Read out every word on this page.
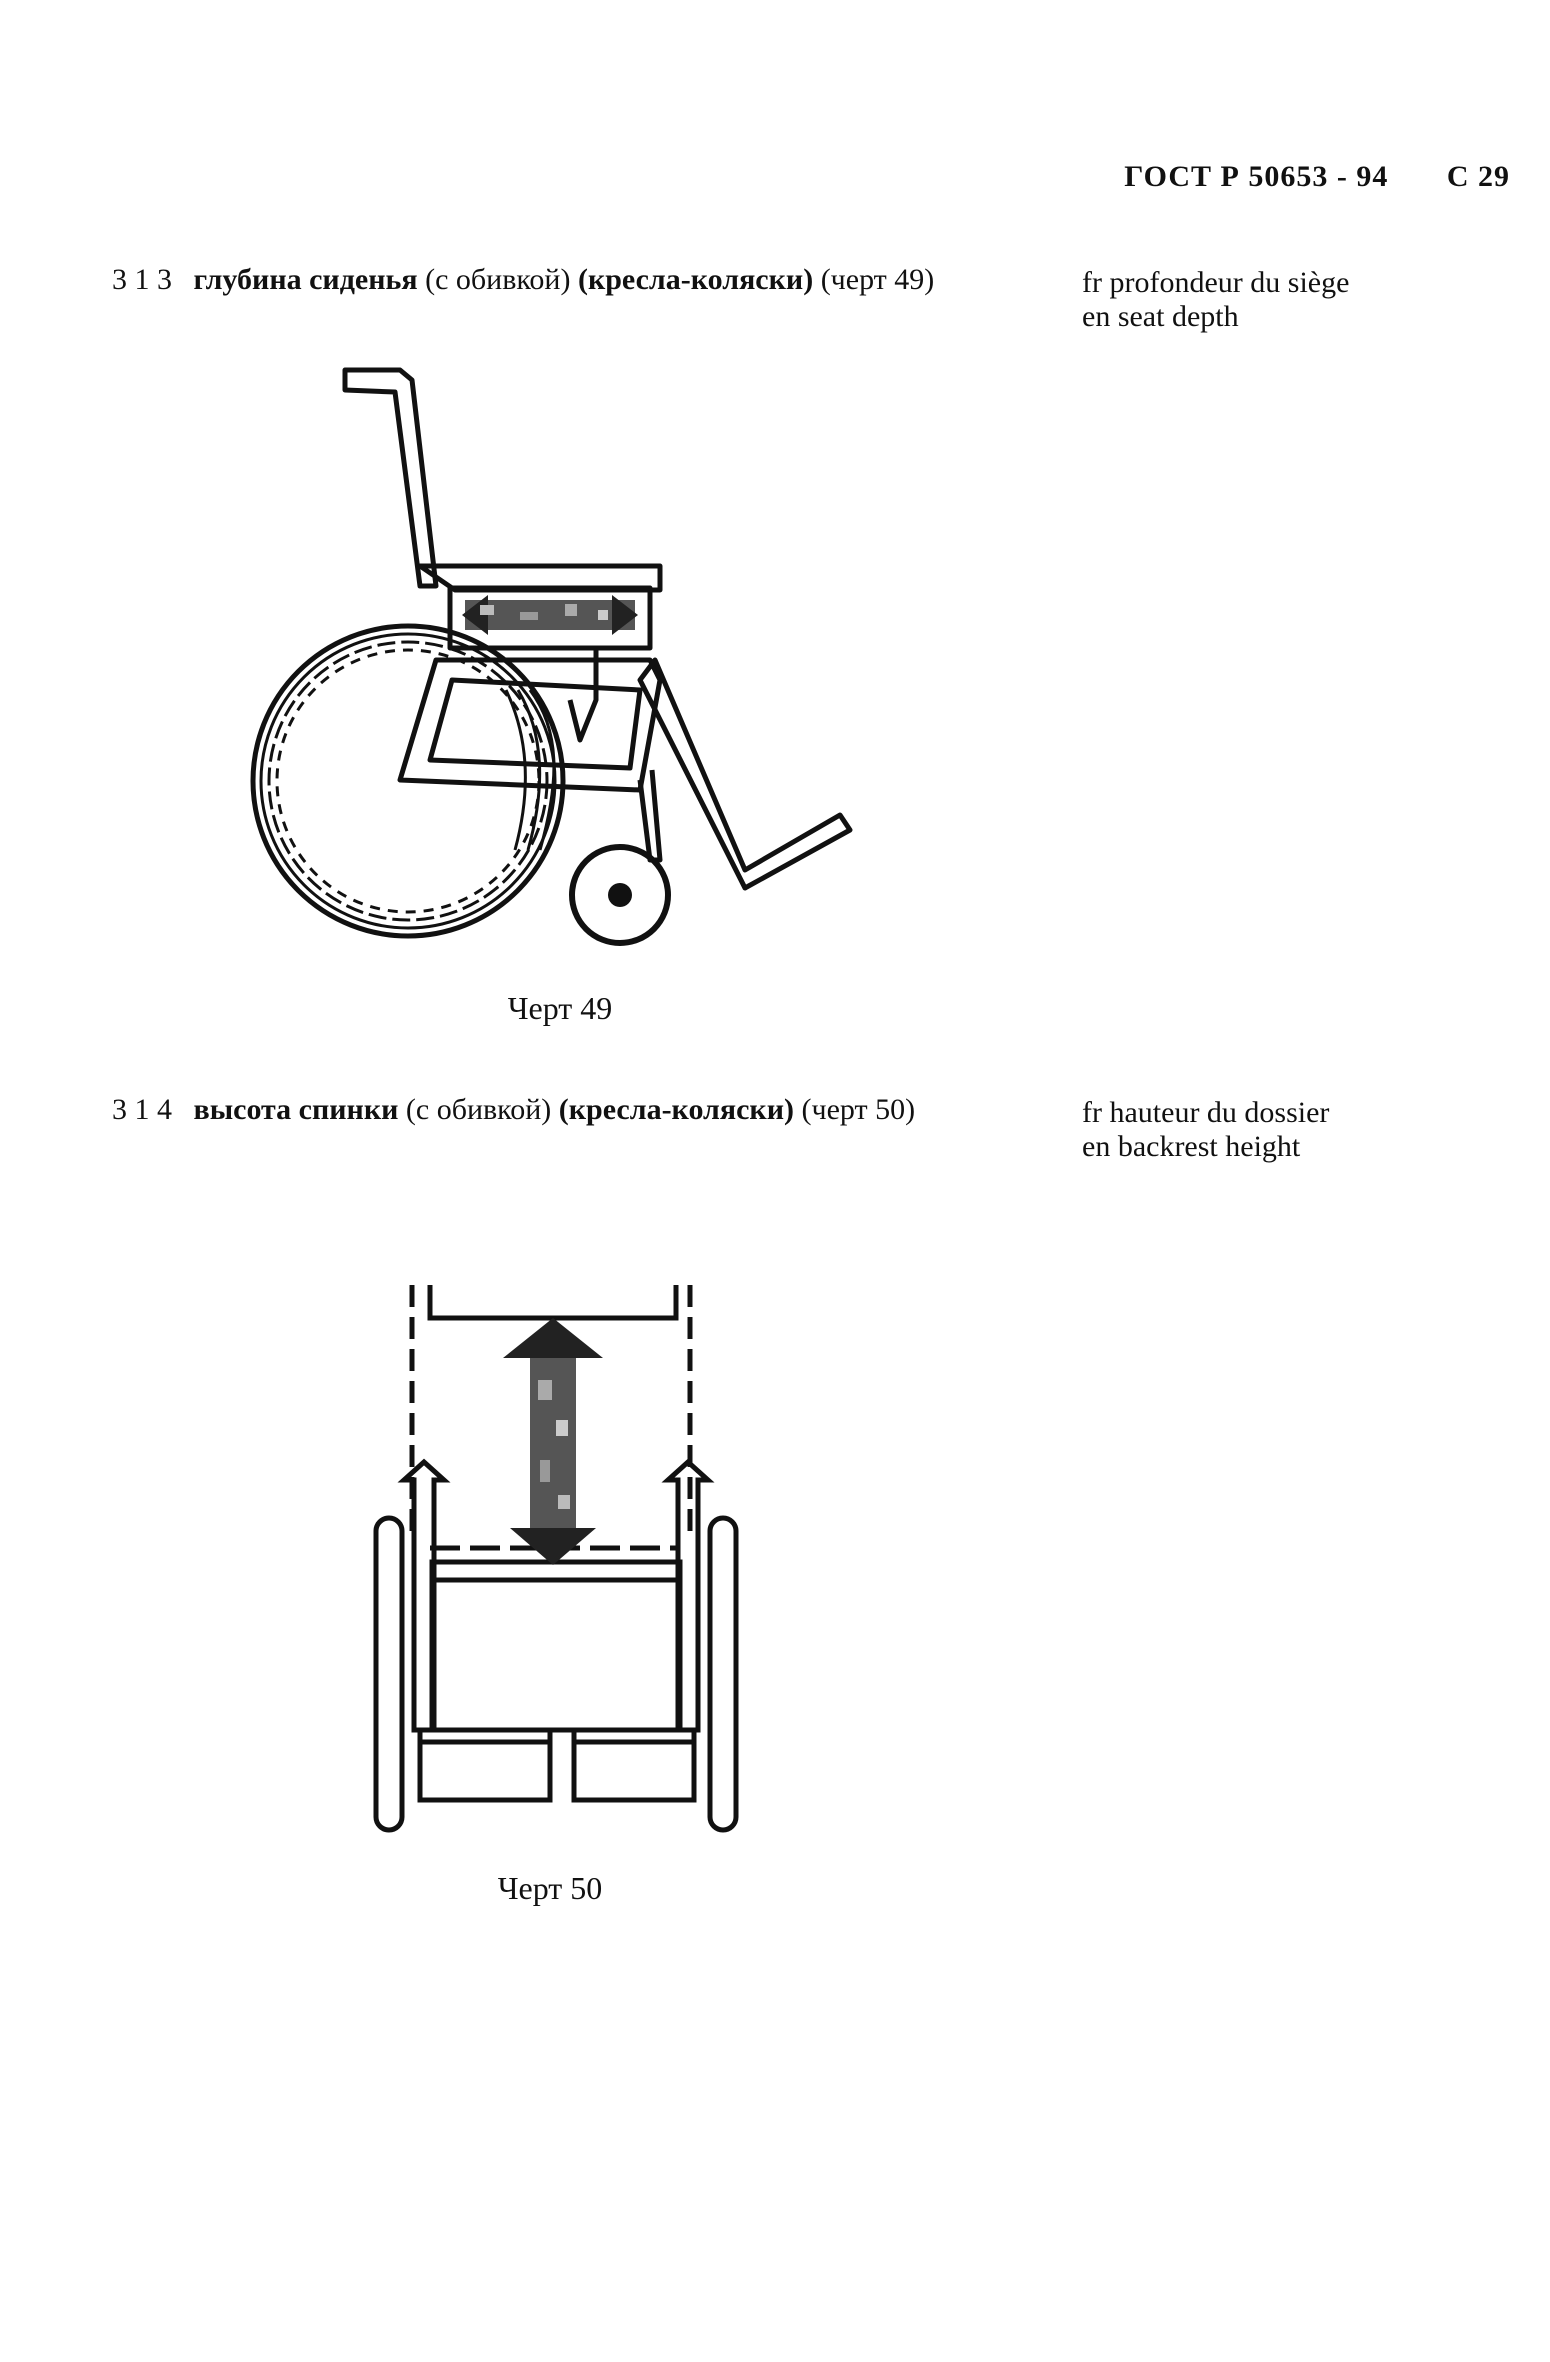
ГОСТ Р 50653 - 94 С 29
3 1 3 глубина сиденья (с обивкой) (кресла-коляски) (черт 49)	fr profondeur du siège
en seat depth
Черт 49
3 1 4 высота спинки (с обивкой) (кресла-коляски) (черт 50)	fr hauteur du dossier
en backrest height
Черт 50
